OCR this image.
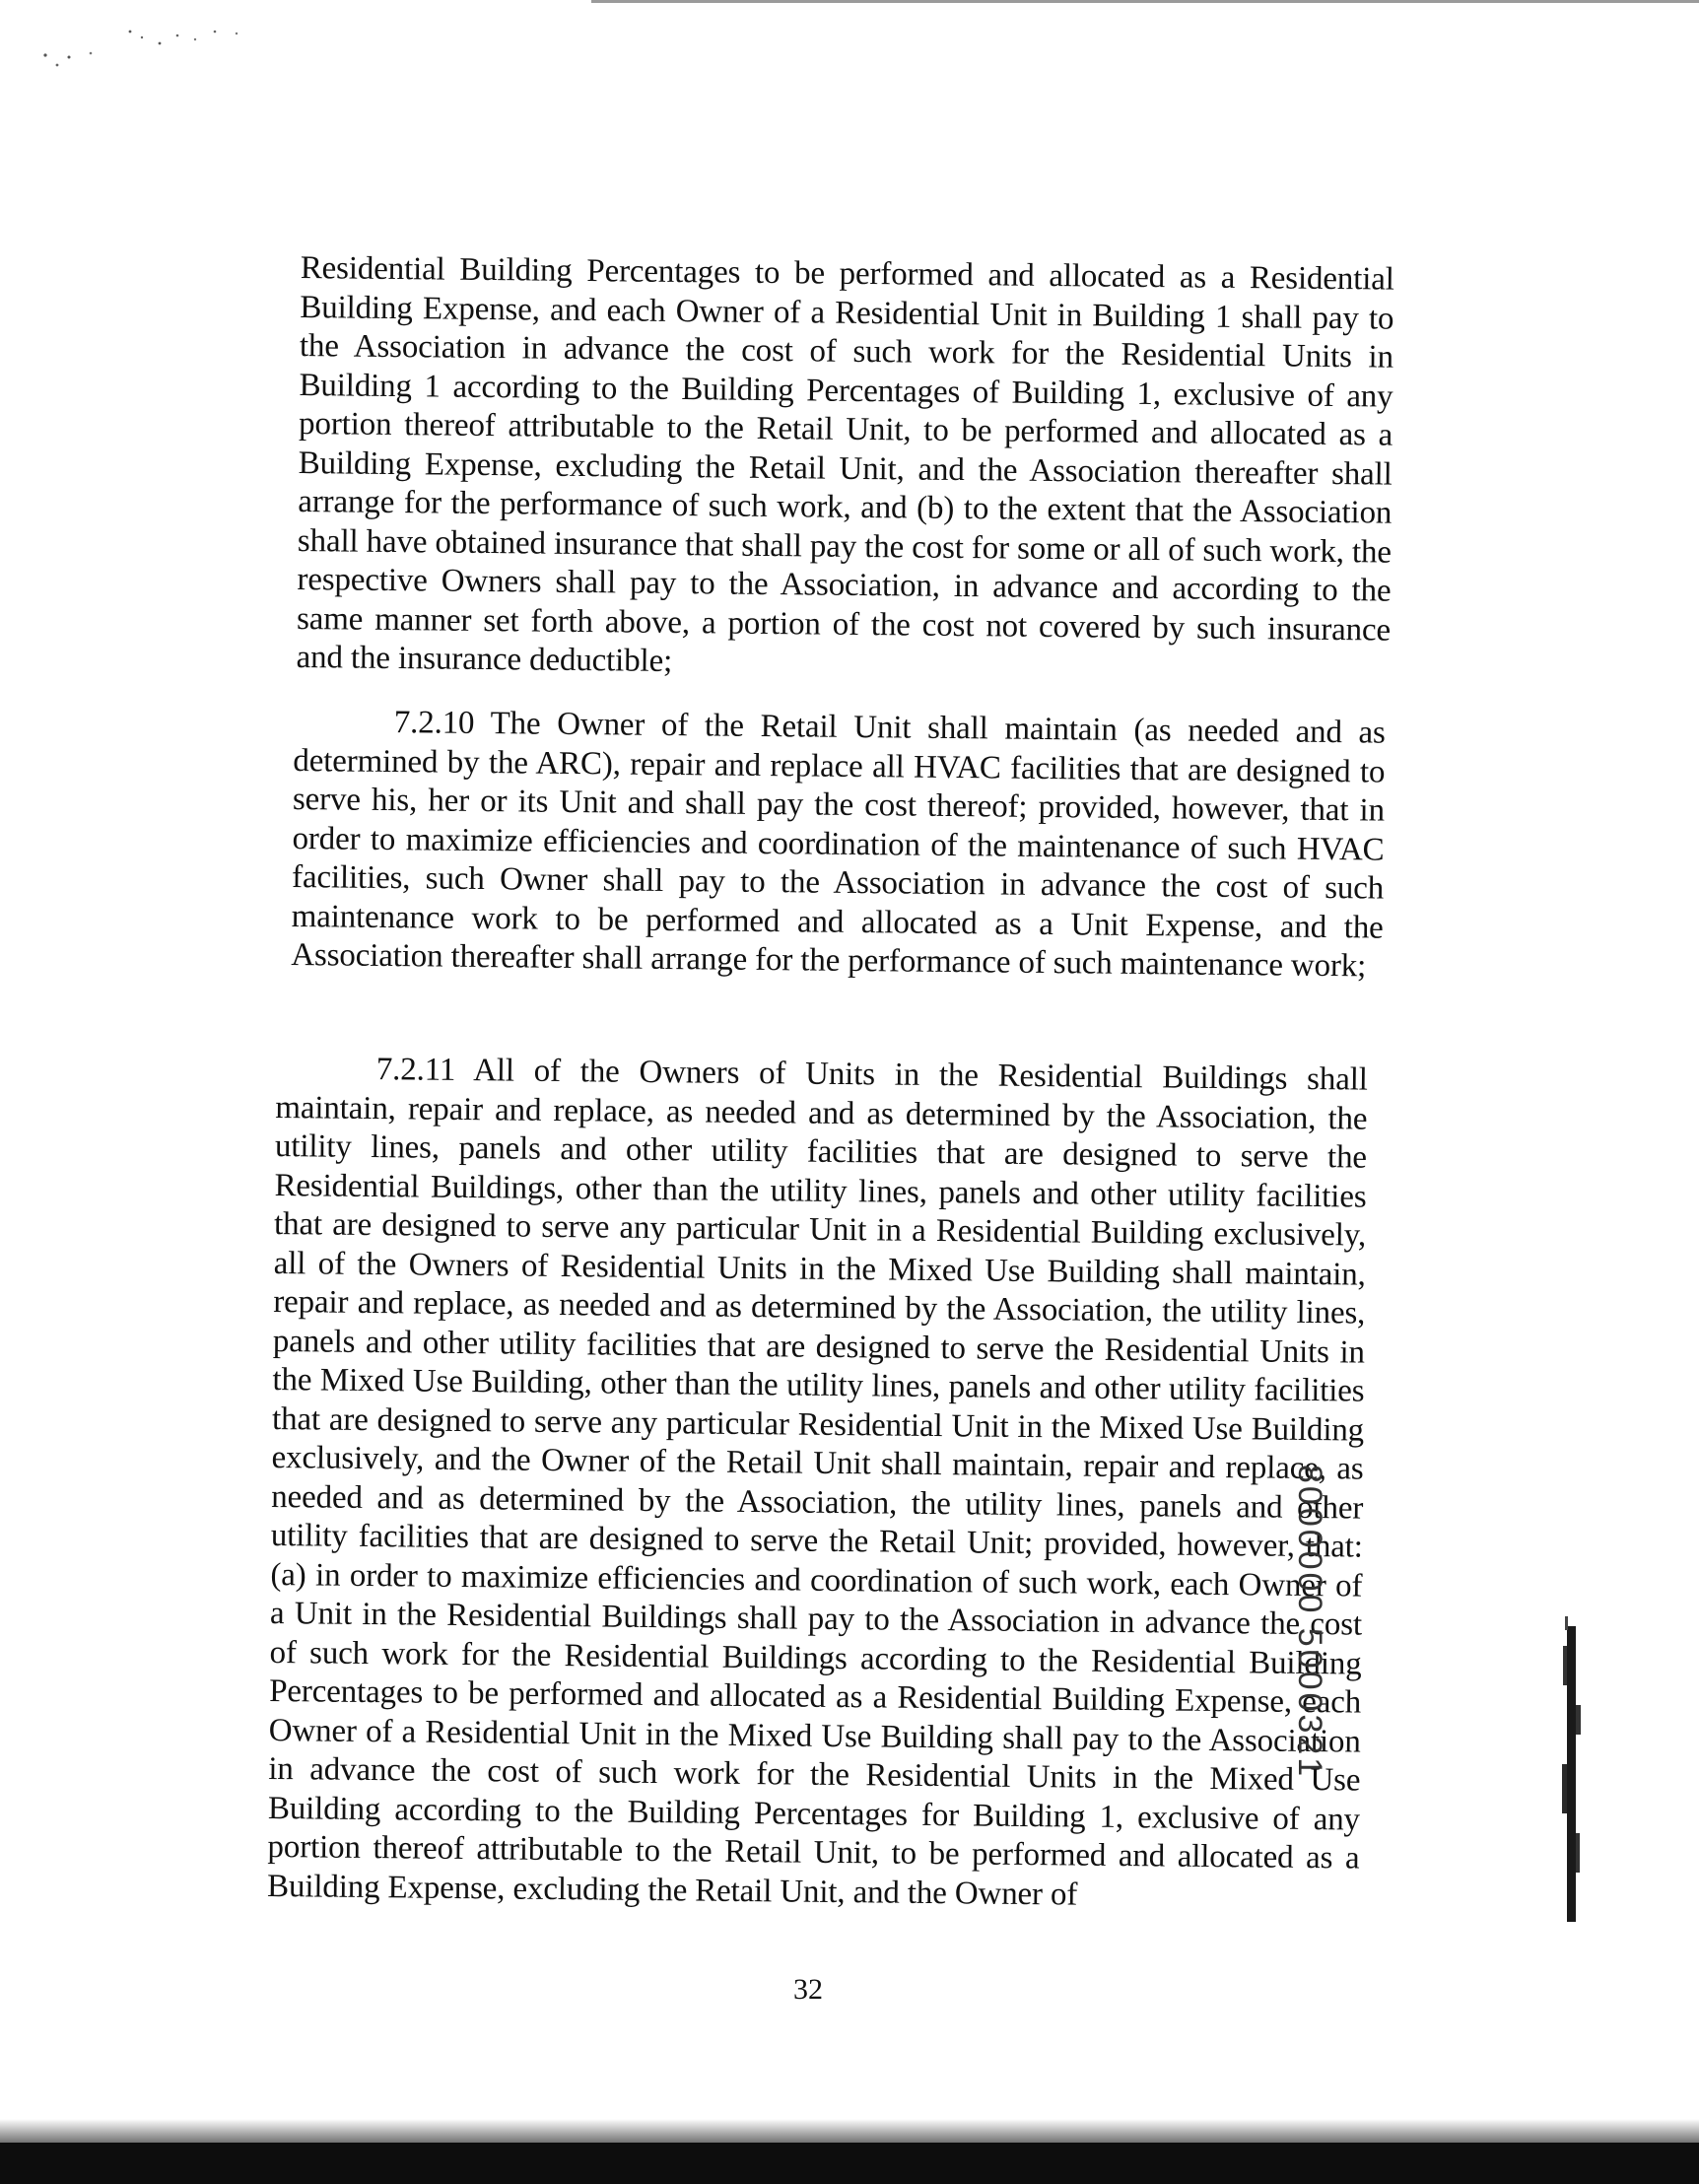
Residential Building Percentages to be performed and allocated as a Residential Building Expense, and each Owner of a Residential Unit in Building 1 shall pay to the Association in advance the cost of such work for the Residential Units in Building 1 according to the Building Percentages of Building 1, exclusive of any portion thereof attributable to the Retail Unit, to be performed and allocated as a Building Expense, excluding the Retail Unit, and the Association thereafter shall arrange for the performance of such work, and (b) to the extent that the Association shall have obtained insurance that shall pay the cost for some or all of such work, the respective Owners shall pay to the Association, in advance and according to the same manner set forth above, a portion of the cost not covered by such insurance and the insurance deductible;

7.2.10 The Owner of the Retail Unit shall maintain (as needed and as determined by the ARC), repair and replace all HVAC facilities that are designed to serve his, her or its Unit and shall pay the cost thereof; provided, however, that in order to maximize efficiencies and coordination of the maintenance of such HVAC facilities, such Owner shall pay to the Association in advance the cost of such maintenance work to be performed and allocated as a Unit Expense, and the Association thereafter shall arrange for the performance of such maintenance work;

7.2.11 All of the Owners of Units in the Residential Buildings shall maintain, repair and replace, as needed and as determined by the Association, the utility lines, panels and other utility facilities that are designed to serve the Residential Buildings, other than the utility lines, panels and other utility facilities that are designed to serve any particular Unit in a Residential Building exclusively, all of the Owners of Residential Units in the Mixed Use Building shall maintain, repair and replace, as needed and as determined by the Association, the utility lines, panels and other utility facilities that are designed to serve the Residential Units in the Mixed Use Building, other than the utility lines, panels and other utility facilities that are designed to serve any particular Residential Unit in the Mixed Use Building exclusively, and the Owner of the Retail Unit shall maintain, repair and replace, as needed and as determined by the Association, the utility lines, panels and other utility facilities that are designed to serve the Retail Unit; provided, however, that: (a) in order to maximize efficiencies and coordination of such work, each Owner of a Unit in the Residential Buildings shall pay to the Association in advance the cost of such work for the Residential Buildings according to the Residential Building Percentages to be performed and allocated as a Residential Building Expense, each Owner of a Residential Unit in the Mixed Use Building shall pay to the Association in advance the cost of such work for the Residential Units in the Mixed Use Building according to the Building Percentages for Building 1, exclusive of any portion thereof attributable to the Retail Unit, to be performed and allocated as a Building Expense, excluding the Retail Unit, and the Owner of

32
8000000 5000321
